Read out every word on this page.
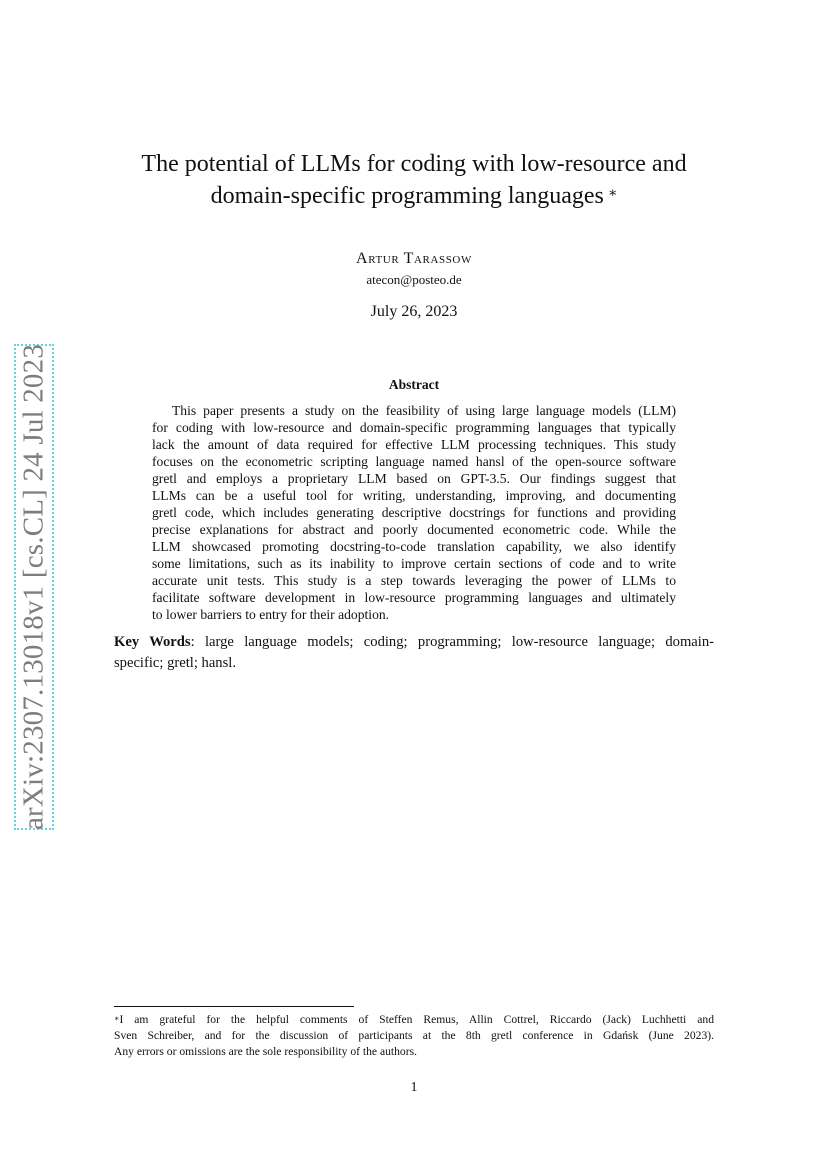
arXiv:2307.13018v1 [cs.CL] 24 Jul 2023
The potential of LLMs for coding with low-resource and
domain-specific programming languages ∗
Artur Tarassow
atecon@posteo.de
July 26, 2023
Abstract
This paper presents a study on the feasibility of using large language models (LLM)
for coding with low-resource and domain-specific programming languages that typically
lack the amount of data required for effective LLM processing techniques. This study
focuses on the econometric scripting language named hansl of the open-source software
gretl and employs a proprietary LLM based on GPT-3.5. Our findings suggest that
LLMs can be a useful tool for writing, understanding, improving, and documenting
gretl code, which includes generating descriptive docstrings for functions and providing
precise explanations for abstract and poorly documented econometric code. While the
LLM showcased promoting docstring-to-code translation capability, we also identify
some limitations, such as its inability to improve certain sections of code and to write
accurate unit tests. This study is a step towards leveraging the power of LLMs to
facilitate software development in low-resource programming languages and ultimately
to lower barriers to entry for their adoption.
Key Words: large language models; coding; programming; low-resource language; domain-
specific; gretl; hansl.
∗I am grateful for the helpful comments of Steffen Remus, Allin Cottrel, Riccardo (Jack) Luchhetti and
Sven Schreiber, and for the discussion of participants at the 8th gretl conference in Gdańsk (June 2023).
Any errors or omissions are the sole responsibility of the authors.
1
